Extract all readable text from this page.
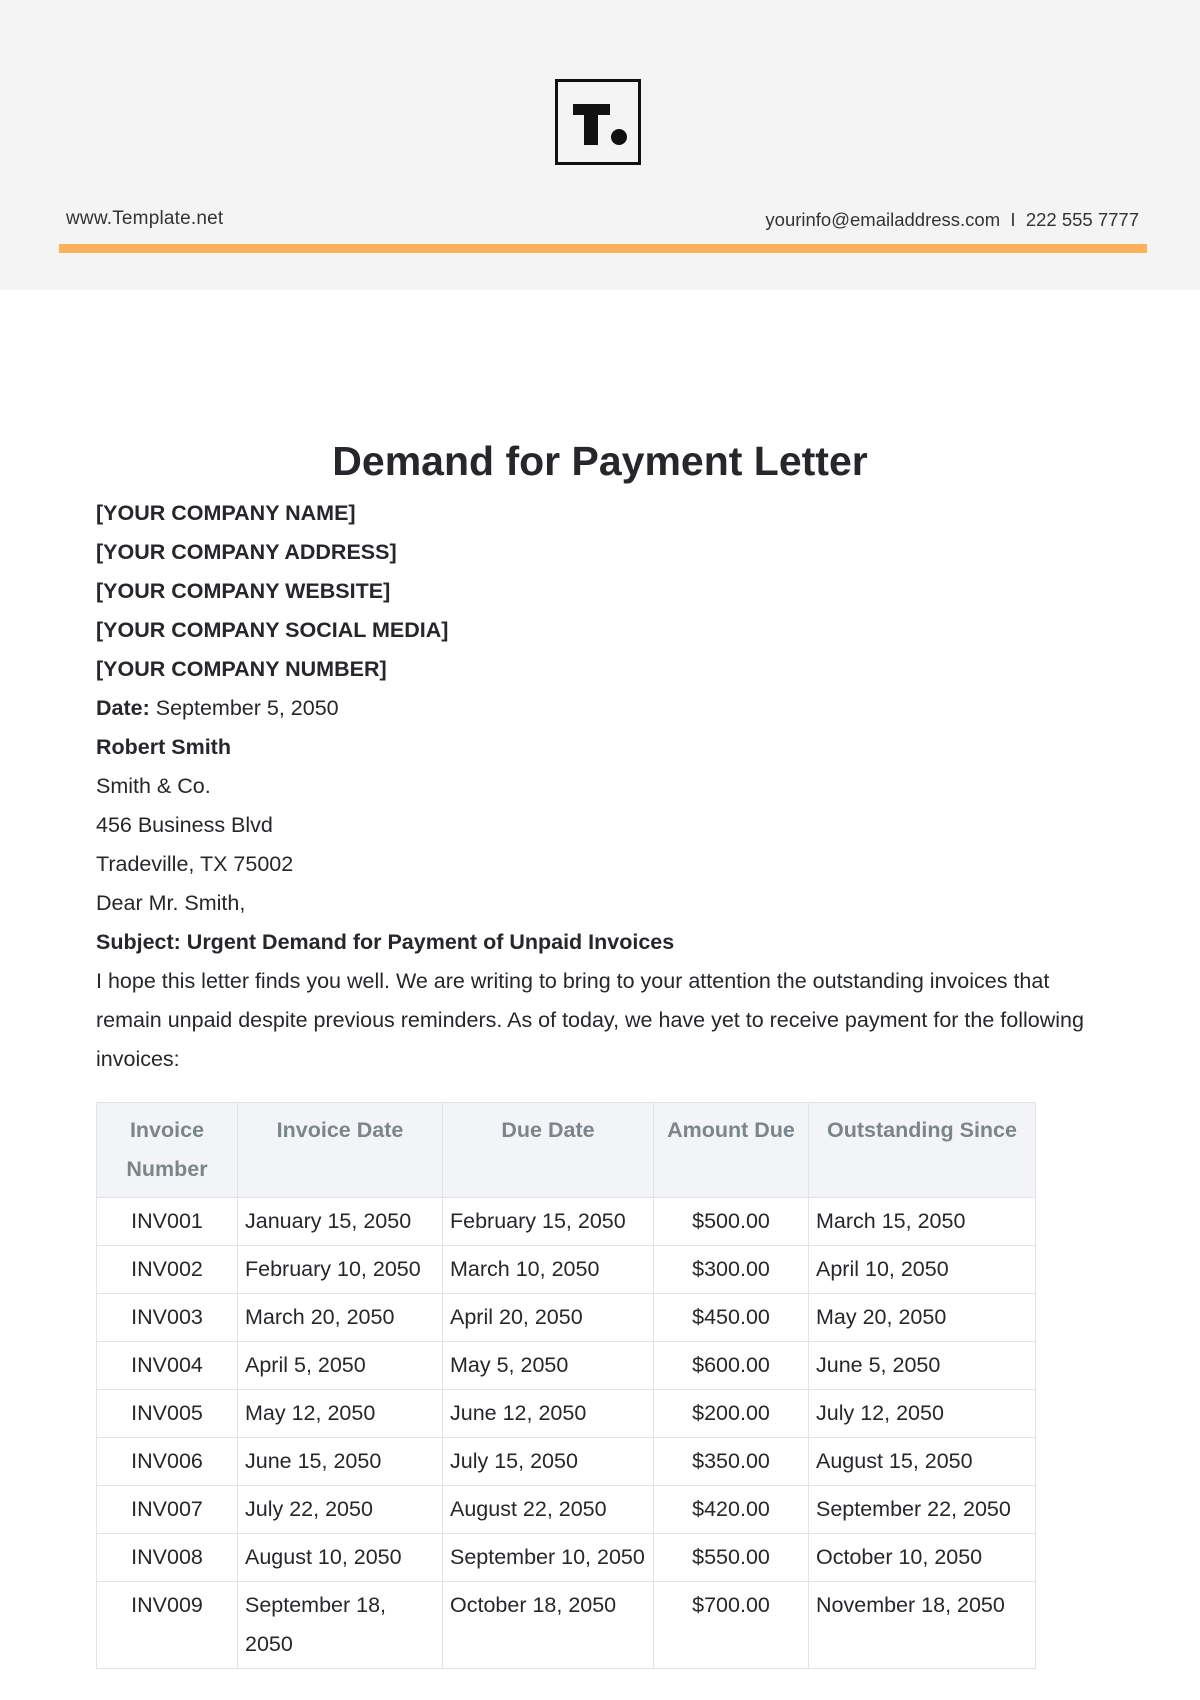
www.Template.net	yourinfo@emailaddress.com I 222 555 7777
Demand for Payment Letter
[YOUR COMPANY NAME]
[YOUR COMPANY ADDRESS]
[YOUR COMPANY WEBSITE]
[YOUR COMPANY SOCIAL MEDIA]
[YOUR COMPANY NUMBER]
Date: September 5, 2050
Robert Smith
Smith & Co.
456 Business Blvd
Tradeville, TX 75002
Dear Mr. Smith,
Subject: Urgent Demand for Payment of Unpaid Invoices
I hope this letter finds you well. We are writing to bring to your attention the outstanding invoices that remain unpaid despite previous reminders. As of today, we have yet to receive payment for the following invoices:
Invoice Number	Invoice Date	Due Date	Amount Due	Outstanding Since
INV001	January 15, 2050	February 15, 2050	$500.00	March 15, 2050
INV002	February 10, 2050	March 10, 2050	$300.00	April 10, 2050
INV003	March 20, 2050	April 20, 2050	$450.00	May 20, 2050
INV004	April 5, 2050	May 5, 2050	$600.00	June 5, 2050
INV005	May 12, 2050	June 12, 2050	$200.00	July 12, 2050
INV006	June 15, 2050	July 15, 2050	$350.00	August 15, 2050
INV007	July 22, 2050	August 22, 2050	$420.00	September 22, 2050
INV008	August 10, 2050	September 10, 2050	$550.00	October 10, 2050
INV009	September 18, 2050	October 18, 2050	$700.00	November 18, 2050
